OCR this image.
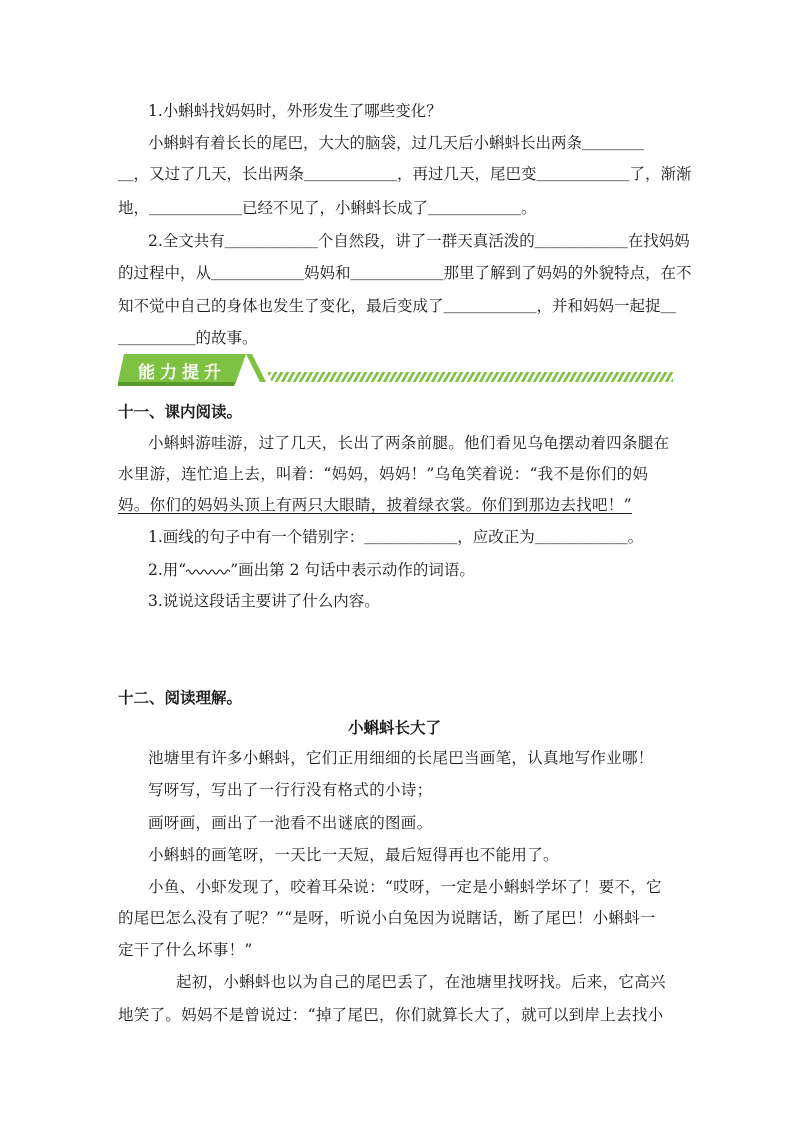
1.小蝌蚪找妈妈时，外形发生了哪些变化？
小蝌蚪有着长长的尾巴，大大的脑袋，过几天后小蝌蚪长出两条＿＿＿＿
＿，又过了几天，长出两条＿＿＿＿＿＿，再过几天，尾巴变＿＿＿＿＿＿了，渐渐
地，＿＿＿＿＿＿已经不见了，小蝌蚪长成了＿＿＿＿＿＿。
2.全文共有＿＿＿＿＿＿个自然段，讲了一群天真活泼的＿＿＿＿＿＿在找妈妈
的过程中，从＿＿＿＿＿＿妈妈和＿＿＿＿＿＿那里了解到了妈妈的外貌特点，在不
知不觉中自己的身体也发生了变化，最后变成了＿＿＿＿＿＿，并和妈妈一起捉＿
＿＿＿＿＿的故事。
能力提升
十一、课内阅读。
小蝌蚪游哇游，过了几天，长出了两条前腿。他们看见乌龟摆动着四条腿在
水里游，连忙追上去，叫着：“妈妈，妈妈！”乌龟笑着说：“我不是你们的妈
妈。你们的妈妈头顶上有两只大眼睛，披着绿衣裳。你们到那边去找吧！”
1.画线的句子中有一个错别字：＿＿＿＿＿＿，应改正为＿＿＿＿＿＿。
2.用“	”画出第 2 句话中表示动作的词语。
3.说说这段话主要讲了什么内容。
十二、阅读理解。
小蝌蚪长大了
池塘里有许多小蝌蚪，它们正用细细的长尾巴当画笔，认真地写作业哪！
写呀写，写出了一行行没有格式的小诗；
画呀画，画出了一池看不出谜底的图画。
小蝌蚪的画笔呀，一天比一天短，最后短得再也不能用了。
小鱼、小虾发现了，咬着耳朵说：“哎呀，一定是小蝌蚪学坏了！要不，它
的尾巴怎么没有了呢？”“是呀，听说小白兔因为说瞎话，断了尾巴！小蝌蚪一
定干了什么坏事！”
起初，小蝌蚪也以为自己的尾巴丢了，在池塘里找呀找。后来，它高兴
地笑了。妈妈不是曾说过：“掉了尾巴，你们就算长大了，就可以到岸上去找小
